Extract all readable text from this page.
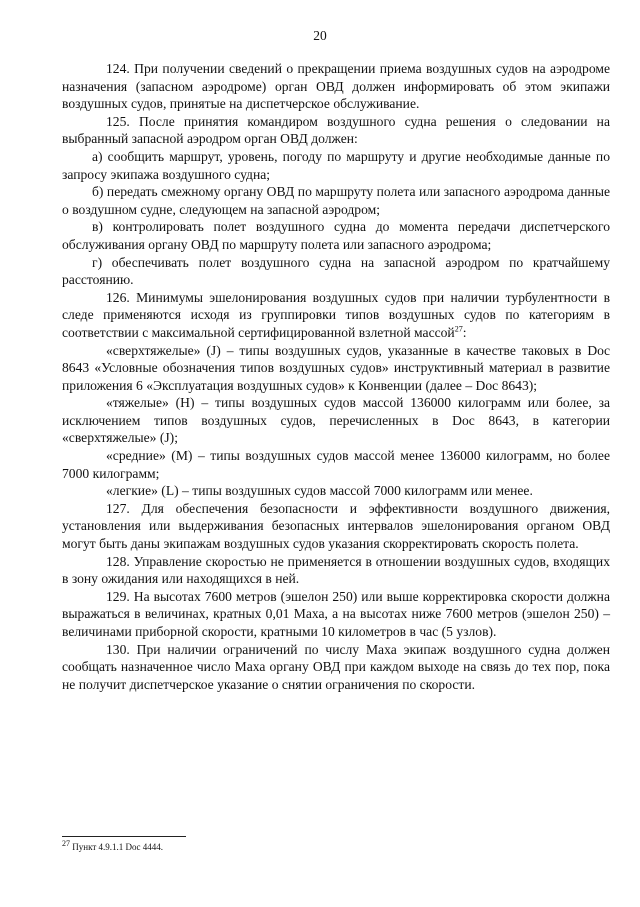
20

124. При получении сведений о прекращении приема воздушных судов на аэродроме назначения (запасном аэродроме) орган ОВД должен информировать об этом экипажи воздушных судов, принятые на диспетчерское обслуживание.

125. После принятия командиром воздушного судна решения о следовании на выбранный запасной аэродром орган ОВД должен:

а) сообщить маршрут, уровень, погоду по маршруту и другие необходимые данные по запросу экипажа воздушного судна;

б) передать смежному органу ОВД по маршруту полета или запасного аэродрома данные о воздушном судне, следующем на запасной аэродром;

в) контролировать полет воздушного судна до момента передачи диспетчерского обслуживания органу ОВД по маршруту полета или запасного аэродрома;

г) обеспечивать полет воздушного судна на запасной аэродром по кратчайшему расстоянию.

126. Минимумы эшелонирования воздушных судов при наличии турбулентности в следе применяются исходя из группировки типов воздушных судов по категориям в соответствии с максимальной сертифицированной взлетной массой$^{27}$:

«сверхтяжелые» (J) – типы воздушных судов, указанные в качестве таковых в Doc 8643 «Условные обозначения типов воздушных судов» инструктивный материал в развитие приложения 6 «Эксплуатация воздушных судов» к Конвенции (далее – Doc 8643);

«тяжелые» (H) – типы воздушных судов массой 136000 килограмм или более, за исключением типов воздушных судов, перечисленных в Doc 8643, в категории «сверхтяжелые» (J);

«средние» (M) – типы воздушных судов массой менее 136000 килограмм, но более 7000 килограмм;

«легкие» (L) – типы воздушных судов массой 7000 килограмм или менее.

127. Для обеспечения безопасности и эффективности воздушного движения, установления или выдерживания безопасных интервалов эшелонирования органом ОВД могут быть даны экипажам воздушных судов указания скорректировать скорость полета.

128. Управление скоростью не применяется в отношении воздушных судов, входящих в зону ожидания или находящихся в ней.

129. На высотах 7600 метров (эшелон 250) или выше корректировка скорости должна выражаться в величинах, кратных 0,01 Маха, а на высотах ниже 7600 метров (эшелон 250) – величинами приборной скорости, кратными 10 километров в час (5 узлов).

130. При наличии ограничений по числу Маха экипаж воздушного судна должен сообщать назначенное число Маха органу ОВД при каждом выходе на связь до тех пор, пока не получит диспетчерское указание о снятии ограничения по скорости.

$^{27}$ Пункт 4.9.1.1 Doc 4444.
